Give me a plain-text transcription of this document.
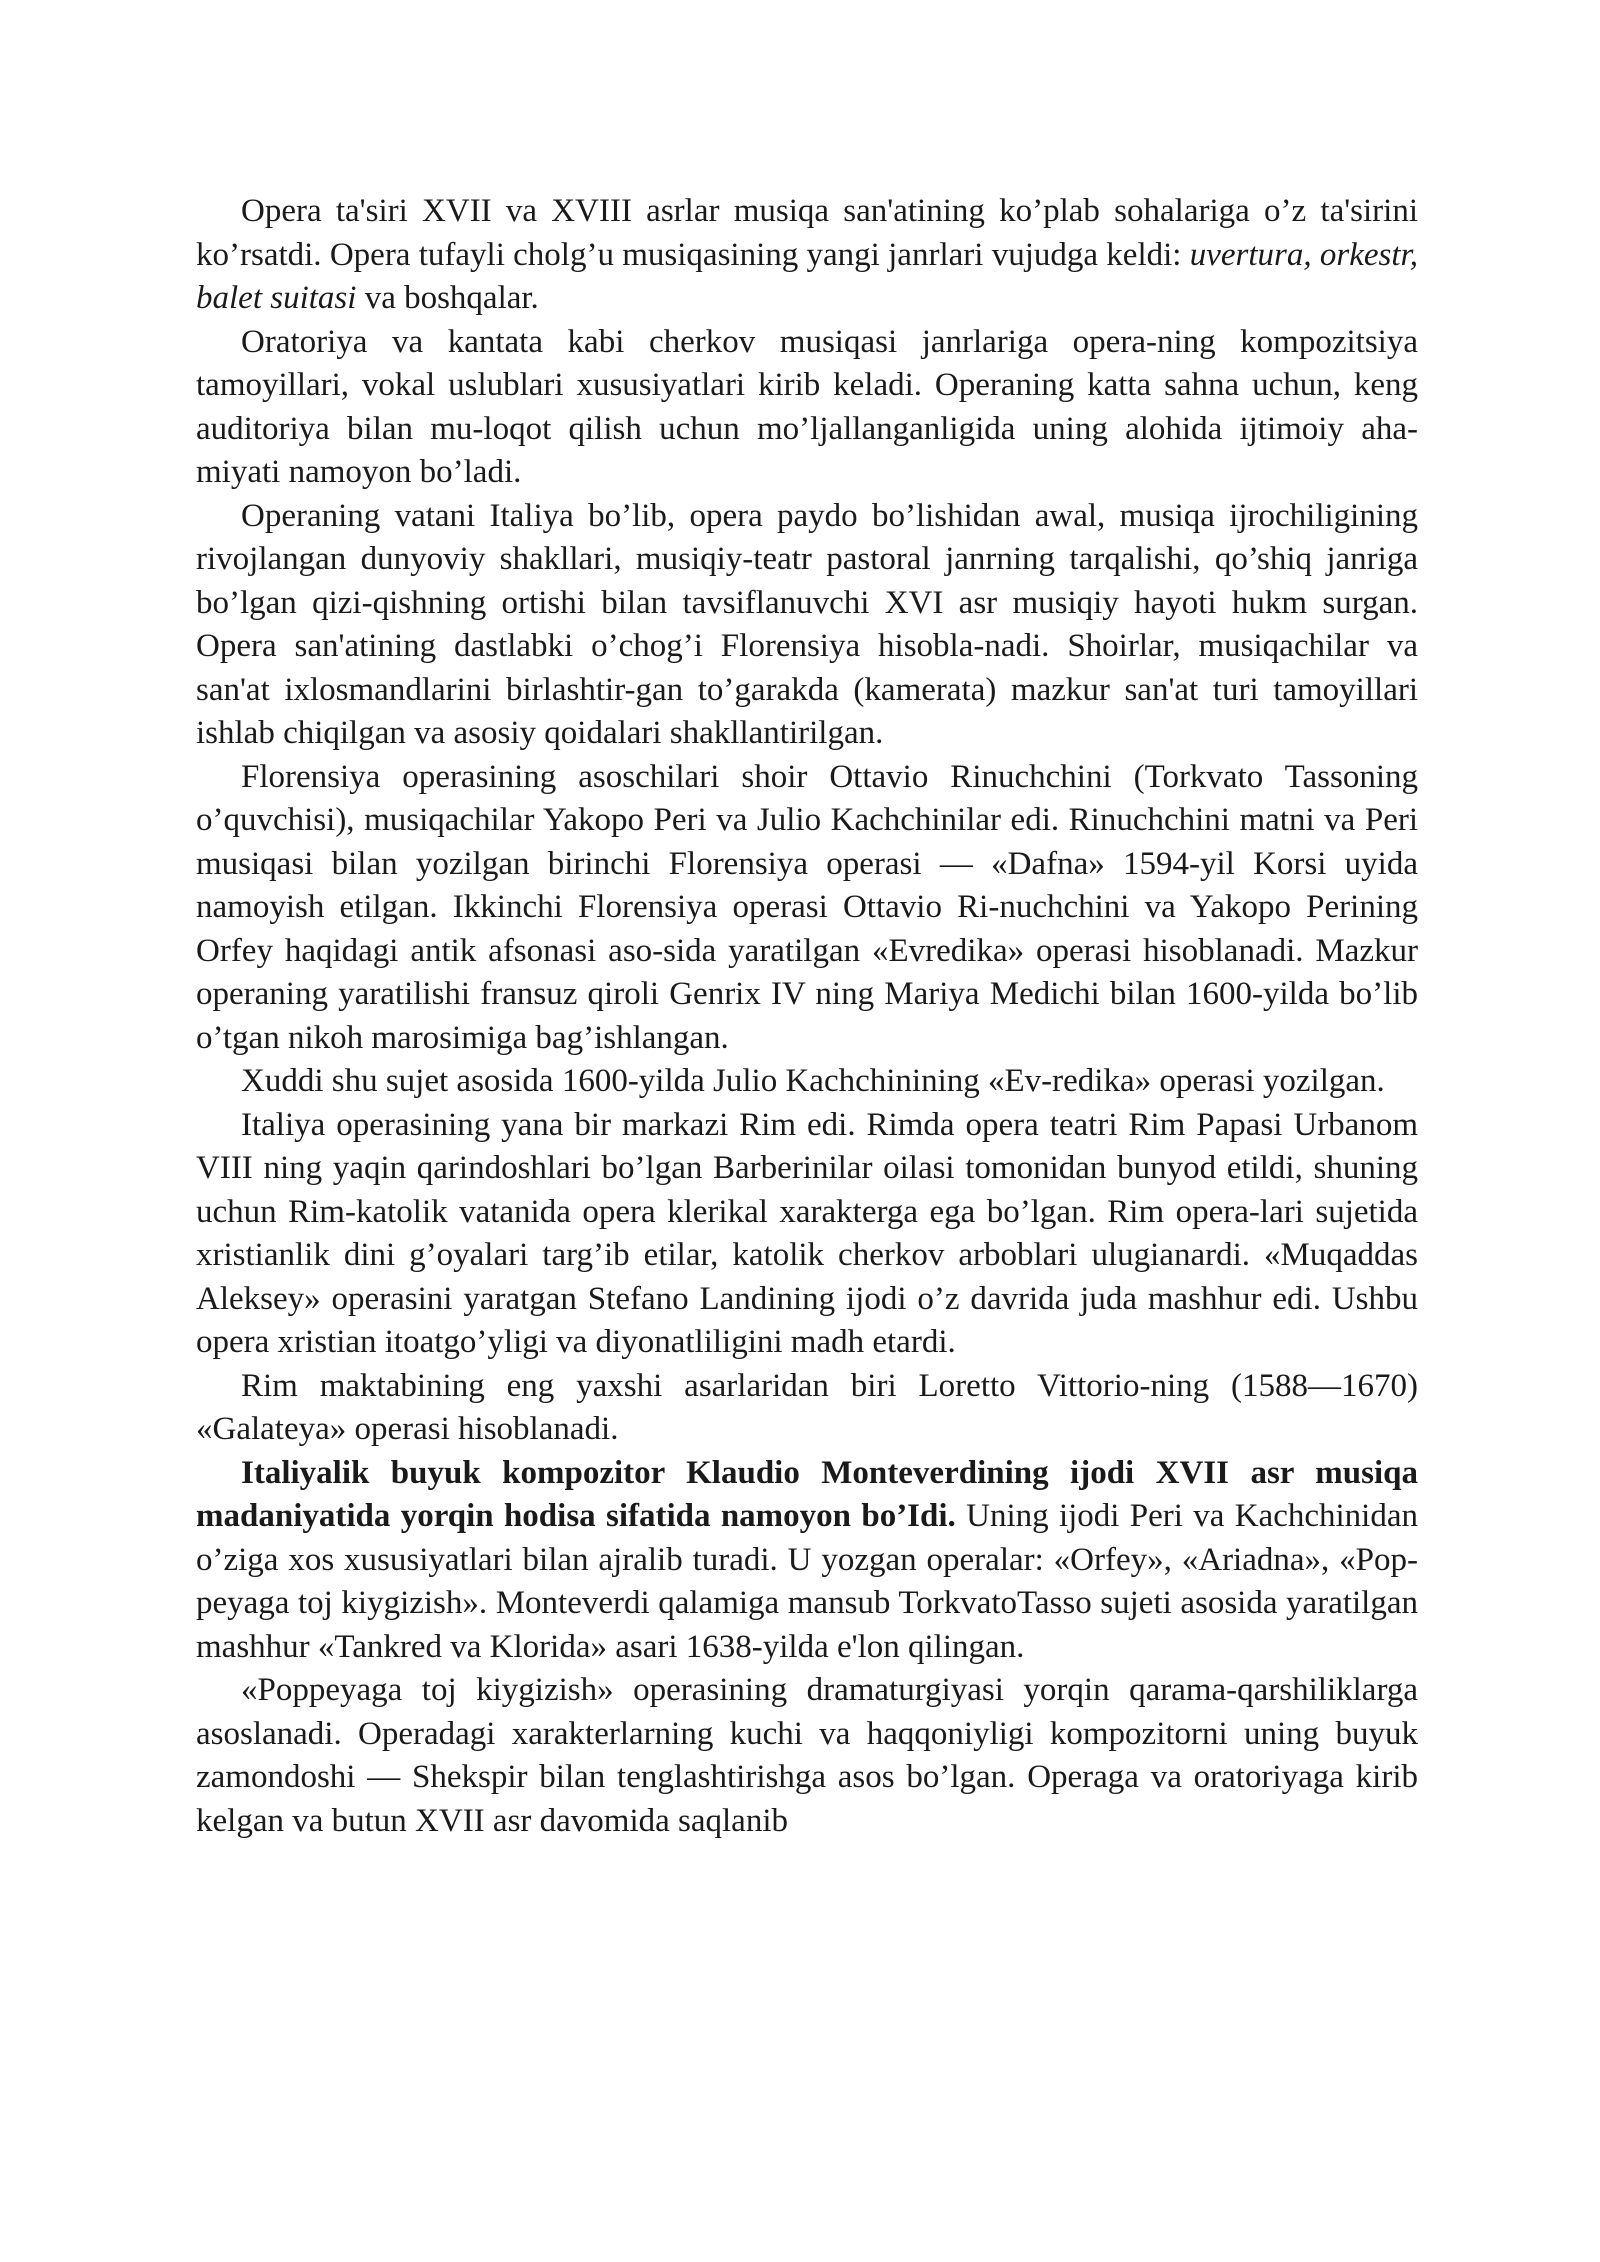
Opera ta'siri XVII va XVIII asrlar musiqa san'atining ko’plab sohalariga o’z ta'sirini ko’rsatdi. Opera tufayli cholg’u musiqasining yangi janrlari vujudga keldi: uvertura, orkestr, balet suitasi va boshqalar.

Oratoriya va kantata kabi cherkov musiqasi janrlariga opera-ning kompozitsiya tamoyillari, vokal uslublari xususiyatlari kirib keladi. Operaning katta sahna uchun, keng auditoriya bilan mu-loqot qilish uchun mo’ljallanganligida uning alohida ijtimoiy aha-miyati namoyon bo’ladi.

Operaning vatani Italiya bo’lib, opera paydo bo’lishidan awal, musiqa ijrochiligining rivojlangan dunyoviy shakllari, musiqiy-teatr pastoral janrning tarqalishi, qo’shiq janriga bo’lgan qizi-qishning ortishi bilan tavsiflanuvchi XVI asr musiqiy hayoti hukm surgan. Opera san'atining dastlabki o’chog’i Florensiya hisobla-nadi. Shoirlar, musiqachilar va san'at ixlosmandlarini birlashtir-gan to’garakda (kamerata) mazkur san'at turi tamoyillari ishlab chiqilgan va asosiy qoidalari shakllantirilgan.

Florensiya operasining asoschilari shoir Ottavio Rinuchchini (Torkvato Tassoning o’quvchisi), musiqachilar Yakopo Peri va Julio Kachchinilar edi. Rinuchchini matni va Peri musiqasi bilan yozilgan birinchi Florensiya operasi — «Dafna» 1594-yil Korsi uyida namoyish etilgan. Ikkinchi Florensiya operasi Ottavio Ri-nuchchini va Yakopo Perining Orfey haqidagi antik afsonasi aso-sida yaratilgan «Evredika» operasi hisoblanadi. Mazkur operaning yaratilishi fransuz qiroli Genrix IV ning Mariya Medichi bilan 1600-yilda bo’lib o’tgan nikoh marosimiga bag’ishlangan.

Xuddi shu sujet asosida 1600-yilda Julio Kachchinining «Ev-redika» operasi yozilgan.

Italiya operasining yana bir markazi Rim edi. Rimda opera teatri Rim Papasi Urbanom VIII ning yaqin qarindoshlari bo’lgan Barberinilar oilasi tomonidan bunyod etildi, shuning uchun Rim-katolik vatanida opera klerikal xarakterga ega bo’lgan. Rim opera-lari sujetida xristianlik dini g’oyalari targ’ib etilar, katolik cherkov arboblari ulugianardi. «Muqaddas Aleksey» operasini yaratgan Stefano Landining ijodi o’z davrida juda mashhur edi. Ushbu opera xristian itoatgo’yligi va diyonatliligini madh etardi.

Rim maktabining eng yaxshi asarlaridan biri Loretto Vittorio-ning (1588—1670) «Galateya» operasi hisoblanadi.

Italiyalik buyuk kompozitor Klaudio Monteverdining ijodi XVII asr musiqa madaniyatida yorqin hodisa sifatida namoyon bo’Idi. Uning ijodi Peri va Kachchinidan o’ziga xos xususiyatlari bilan ajralib turadi. U yozgan operalar: «Orfey», «Ariadna», «Pop-peyaga toj kiygizish». Monteverdi qalamiga mansub TorkvatoTasso sujeti asosida yaratilgan mashhur «Tankred va Klorida» asari 1638-yilda e'lon qilingan.

«Poppeyaga toj kiygizish» operasining dramaturgiyasi yorqin qarama-qarshiliklarga asoslanadi. Operadagi xarakterlarning kuchi va haqqoniyligi kompozitorni uning buyuk zamondoshi — Shekspir bilan tenglashtirishga asos bo’lgan. Operaga va oratoriyaga kirib kelgan va butun XVII asr davomida saqlanib
